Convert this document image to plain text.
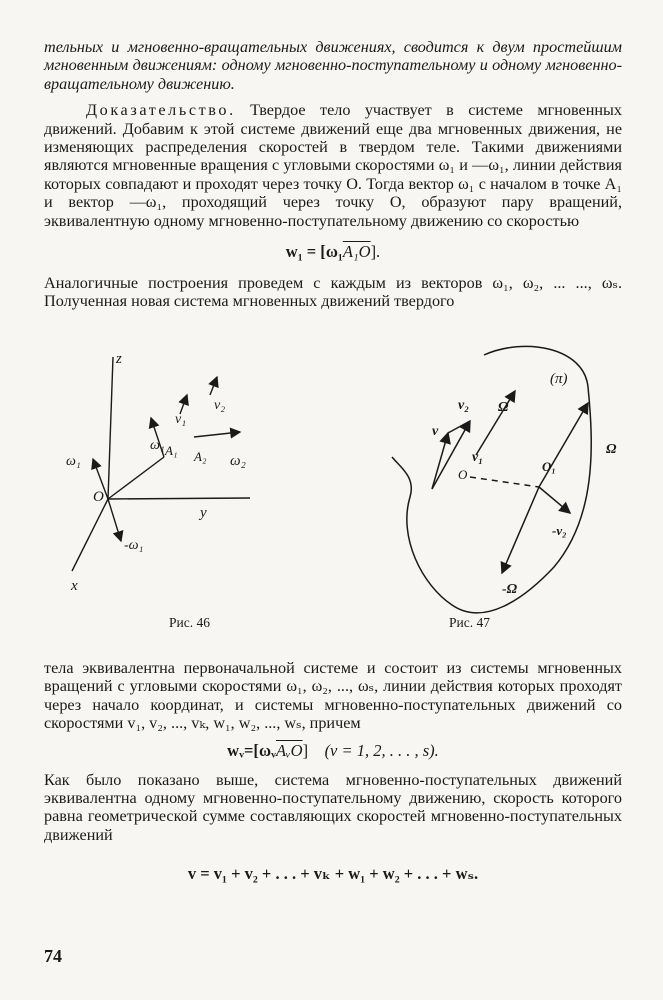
тельных и мгновенно-вращательных движениях, сводится к двум простейшим мгновенным движениям: одному мгновенно-поступательному и одному мгновенно-вращательному движению.

Доказательство. Твердое тело участвует в системе мгновенных движений. Добавим к этой системе движений еще два мгновенных движения, не изменяющих распределения скоростей в твердом теле. Такими движениями являются мгновенные вращения с угловыми скоростями ω₁ и —ω₁, линии действия которых совпадают и проходят через точку O. Тогда вектор ω₁ с началом в точке A₁ и вектор —ω₁, проходящий через точку O, образуют пару вращений, эквивалентную одному мгновенно-поступательному движению со скоростью

w₁ = [ω₁A₁O].

Аналогичные построения проведем с каждым из векторов ω₁, ω₂, ... ..., ωₛ. Полученная новая система мгновенных движений твердого

z
y
x
O
A₁ A₂
ω₁
ω₁	ω₂
-ω₁
v₁
v₂
Рис. 46
(π)
v₂
v
v₁
Ω
Ω
O
O₁
-v₂
-Ω
Рис. 47

тела эквивалентна первоначальной системе и состоит из системы мгновенных вращений с угловыми скоростями ω₁, ω₂, ..., ωₛ, линии действия которых проходят через начало координат, и системы мгновенно-поступательных движений со скоростями v₁, v₂, ..., vₖ, w₁, w₂, ..., wₛ, причем

$wᵥ=[\omega ᵥ\overline{AᵥO}] (\nu = 1$, 2, . . . , s).

Как было показано выше, система мгновенно-поступательных движений эквивалентна одному мгновенно-поступательному движению, скорость которого равна геометрической сумме составляющих скоростей мгновенно-поступательных движений

v = v₁ + v₂ + . . . + vₖ + w₁ + w₂ + . . . + wₛ.

74
